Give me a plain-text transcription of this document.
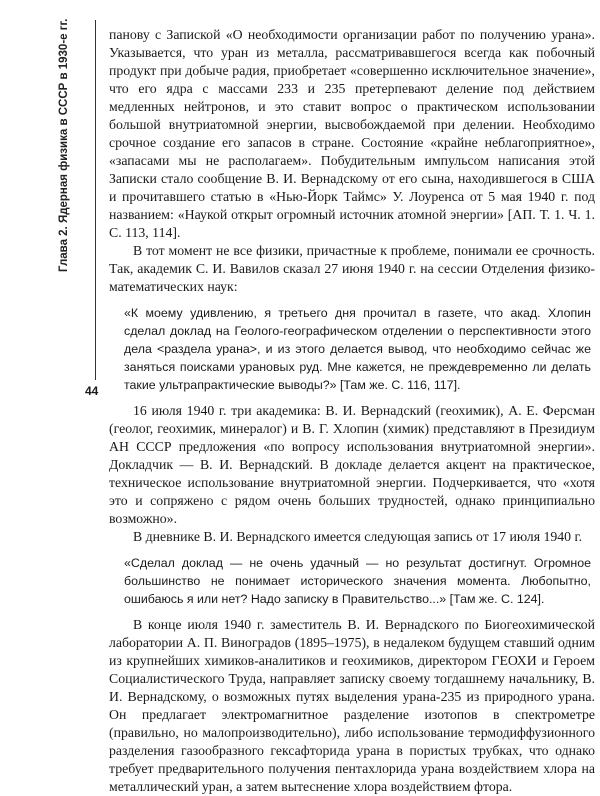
Глава 2. Ядерная физика в СССР в 1930-е гг.
44

панову с Запиской «О необходимости организации работ по получению урана». Указывается, что уран из металла, рассматривавшегося всегда как побочный продукт при добыче радия, приобретает «совершенно исключительное значение», что его ядра с массами 233 и 235 претерпевают деление под действием медленных нейтронов, и это ставит вопрос о практическом использовании большой внутриатомной энергии, высвобождаемой при делении. Необходимо срочное создание его запасов в стране. Состояние «крайне неблагоприятное», «запасами мы не располагаем». Побудительным импульсом написания этой Записки стало сообщение В. И. Вернадскому от его сына, находившегося в США и прочитавшего статью в «Нью-Йорк Таймс» У. Лоуренса от 5 мая 1940 г. под названием: «Наукой открыт огромный источник атомной энергии» [АП. Т. 1. Ч. 1. С. 113, 114].

В тот момент не все физики, причастные к проблеме, понимали ее срочность. Так, академик С. И. Вавилов сказал 27 июня 1940 г. на сессии Отделения физико-математических наук:

«К моему удивлению, я третьего дня прочитал в газете, что акад. Хлопин сделал доклад на Геолого-географическом отделении о перспективности этого дела <раздела урана>, и из этого делается вывод, что необходимо сейчас же заняться поисками урановых руд. Мне кажется, не преждевременно ли делать такие ультрапрактические выводы?» [Там же. С. 116, 117].

16 июля 1940 г. три академика: В. И. Вернадский (геохимик), А. Е. Ферсман (геолог, геохимик, минералог) и В. Г. Хлопин (химик) представляют в Президиум АН СССР предложения «по вопросу использования внутриатомной энергии». Докладчик — В. И. Вернадский. В докладе делается акцент на практическое, техническое использование внутриатомной энергии. Подчеркивается, что «хотя это и сопряжено с рядом очень больших трудностей, однако принципиально возможно».

В дневнике В. И. Вернадского имеется следующая запись от 17 июля 1940 г.

«Сделал доклад — не очень удачный — но результат достигнут. Огромное большинство не понимает исторического значения момента. Любопытно, ошибаюсь я или нет? Надо записку в Правительство...» [Там же. С. 124].

В конце июля 1940 г. заместитель В. И. Вернадского по Биогеохимической лаборатории А. П. Виноградов (1895–1975), в недалеком будущем ставший одним из крупнейших химиков-аналитиков и геохимиков, директором ГЕОХИ и Героем Социалистического Труда, направляет записку своему тогдашнему начальнику, В. И. Вернадскому, о возможных путях выделения урана-235 из природного урана. Он предлагает электромагнитное разделение изотопов в спектрометре (правильно, но малопроизводительно), либо использование термодиффузионного разделения газообразного гексафторида урана в пористых трубках, что однако требует предварительного получения пентахлорида урана воздействием хлора на металлический уран, а затем вытеснение хлора воздействием фтора.
